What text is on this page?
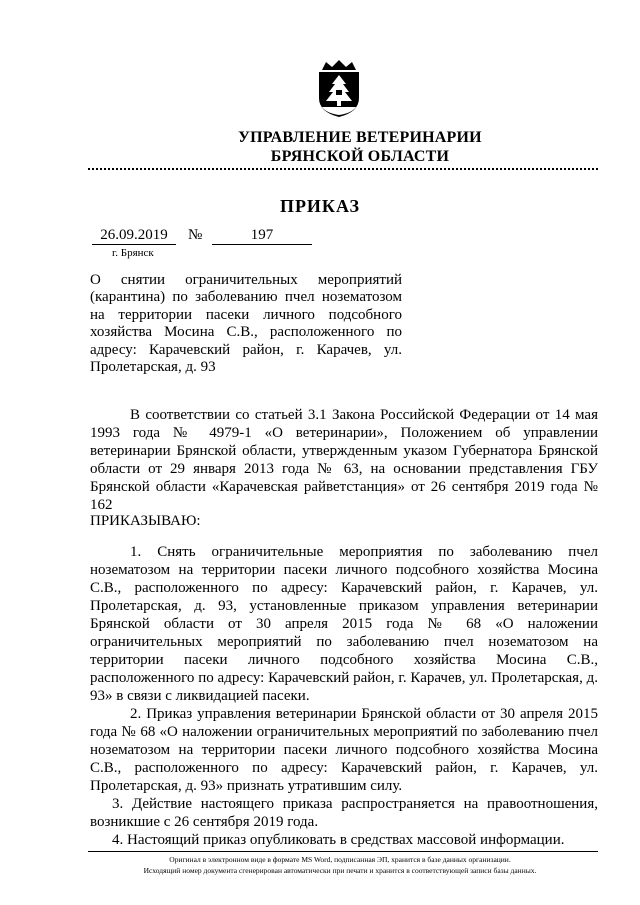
УПРАВЛЕНИЕ ВЕТЕРИНАРИИ
БРЯНСКОЙ ОБЛАСТИ
ПРИКАЗ
26.09.2019	№	197
г. Брянск
О снятии ограничительных мероприятий (карантина) по заболеванию пчел нозематозом на территории пасеки личного подсобного хозяйства Мосина С.В., расположенного по адресу: Карачевский район, г. Карачев, ул. Пролетарская, д. 93

В соответствии со статьей 3.1 Закона Российской Федерации от 14 мая 1993 года № 4979-1 «О ветеринарии», Положением об управлении ветеринарии Брянской области, утвержденным указом Губернатора Брянской области от 29 января 2013 года № 63, на основании представления ГБУ Брянской области «Карачевская райветстанция» от 26 сентября 2019 года № 162

ПРИКАЗЫВАЮ:

1. Снять ограничительные мероприятия по заболеванию пчел нозематозом на территории пасеки личного подсобного хозяйства Мосина С.В., расположенного по адресу: Карачевский район, г. Карачев, ул. Пролетарская, д. 93, установленные приказом управления ветеринарии Брянской области от 30 апреля 2015 года № 68 «О наложении ограничительных мероприятий по заболеванию пчел нозематозом на территории пасеки личного подсобного хозяйства Мосина С.В., расположенного по адресу: Карачевский район, г. Карачев, ул. Пролетарская, д. 93» в связи с ликвидацией пасеки.

2. Приказ управления ветеринарии Брянской области от 30 апреля 2015 года № 68 «О наложении ограничительных мероприятий по заболеванию пчел нозематозом на территории пасеки личного подсобного хозяйства Мосина С.В., расположенного по адресу: Карачевский район, г. Карачев, ул. Пролетарская, д. 93» признать утратившим силу.

3. Действие настоящего приказа распространяется на правоотношения, возникшие с 26 сентября 2019 года.

4. Настоящий приказ опубликовать в средствах массовой информации.

Оригинал в электронном виде в формате MS Word, подписанная ЭП, хранится в базе данных организации.
Исходящий номер документа сгенерирован автоматически при печати и хранится в соответствующей записи базы данных.
